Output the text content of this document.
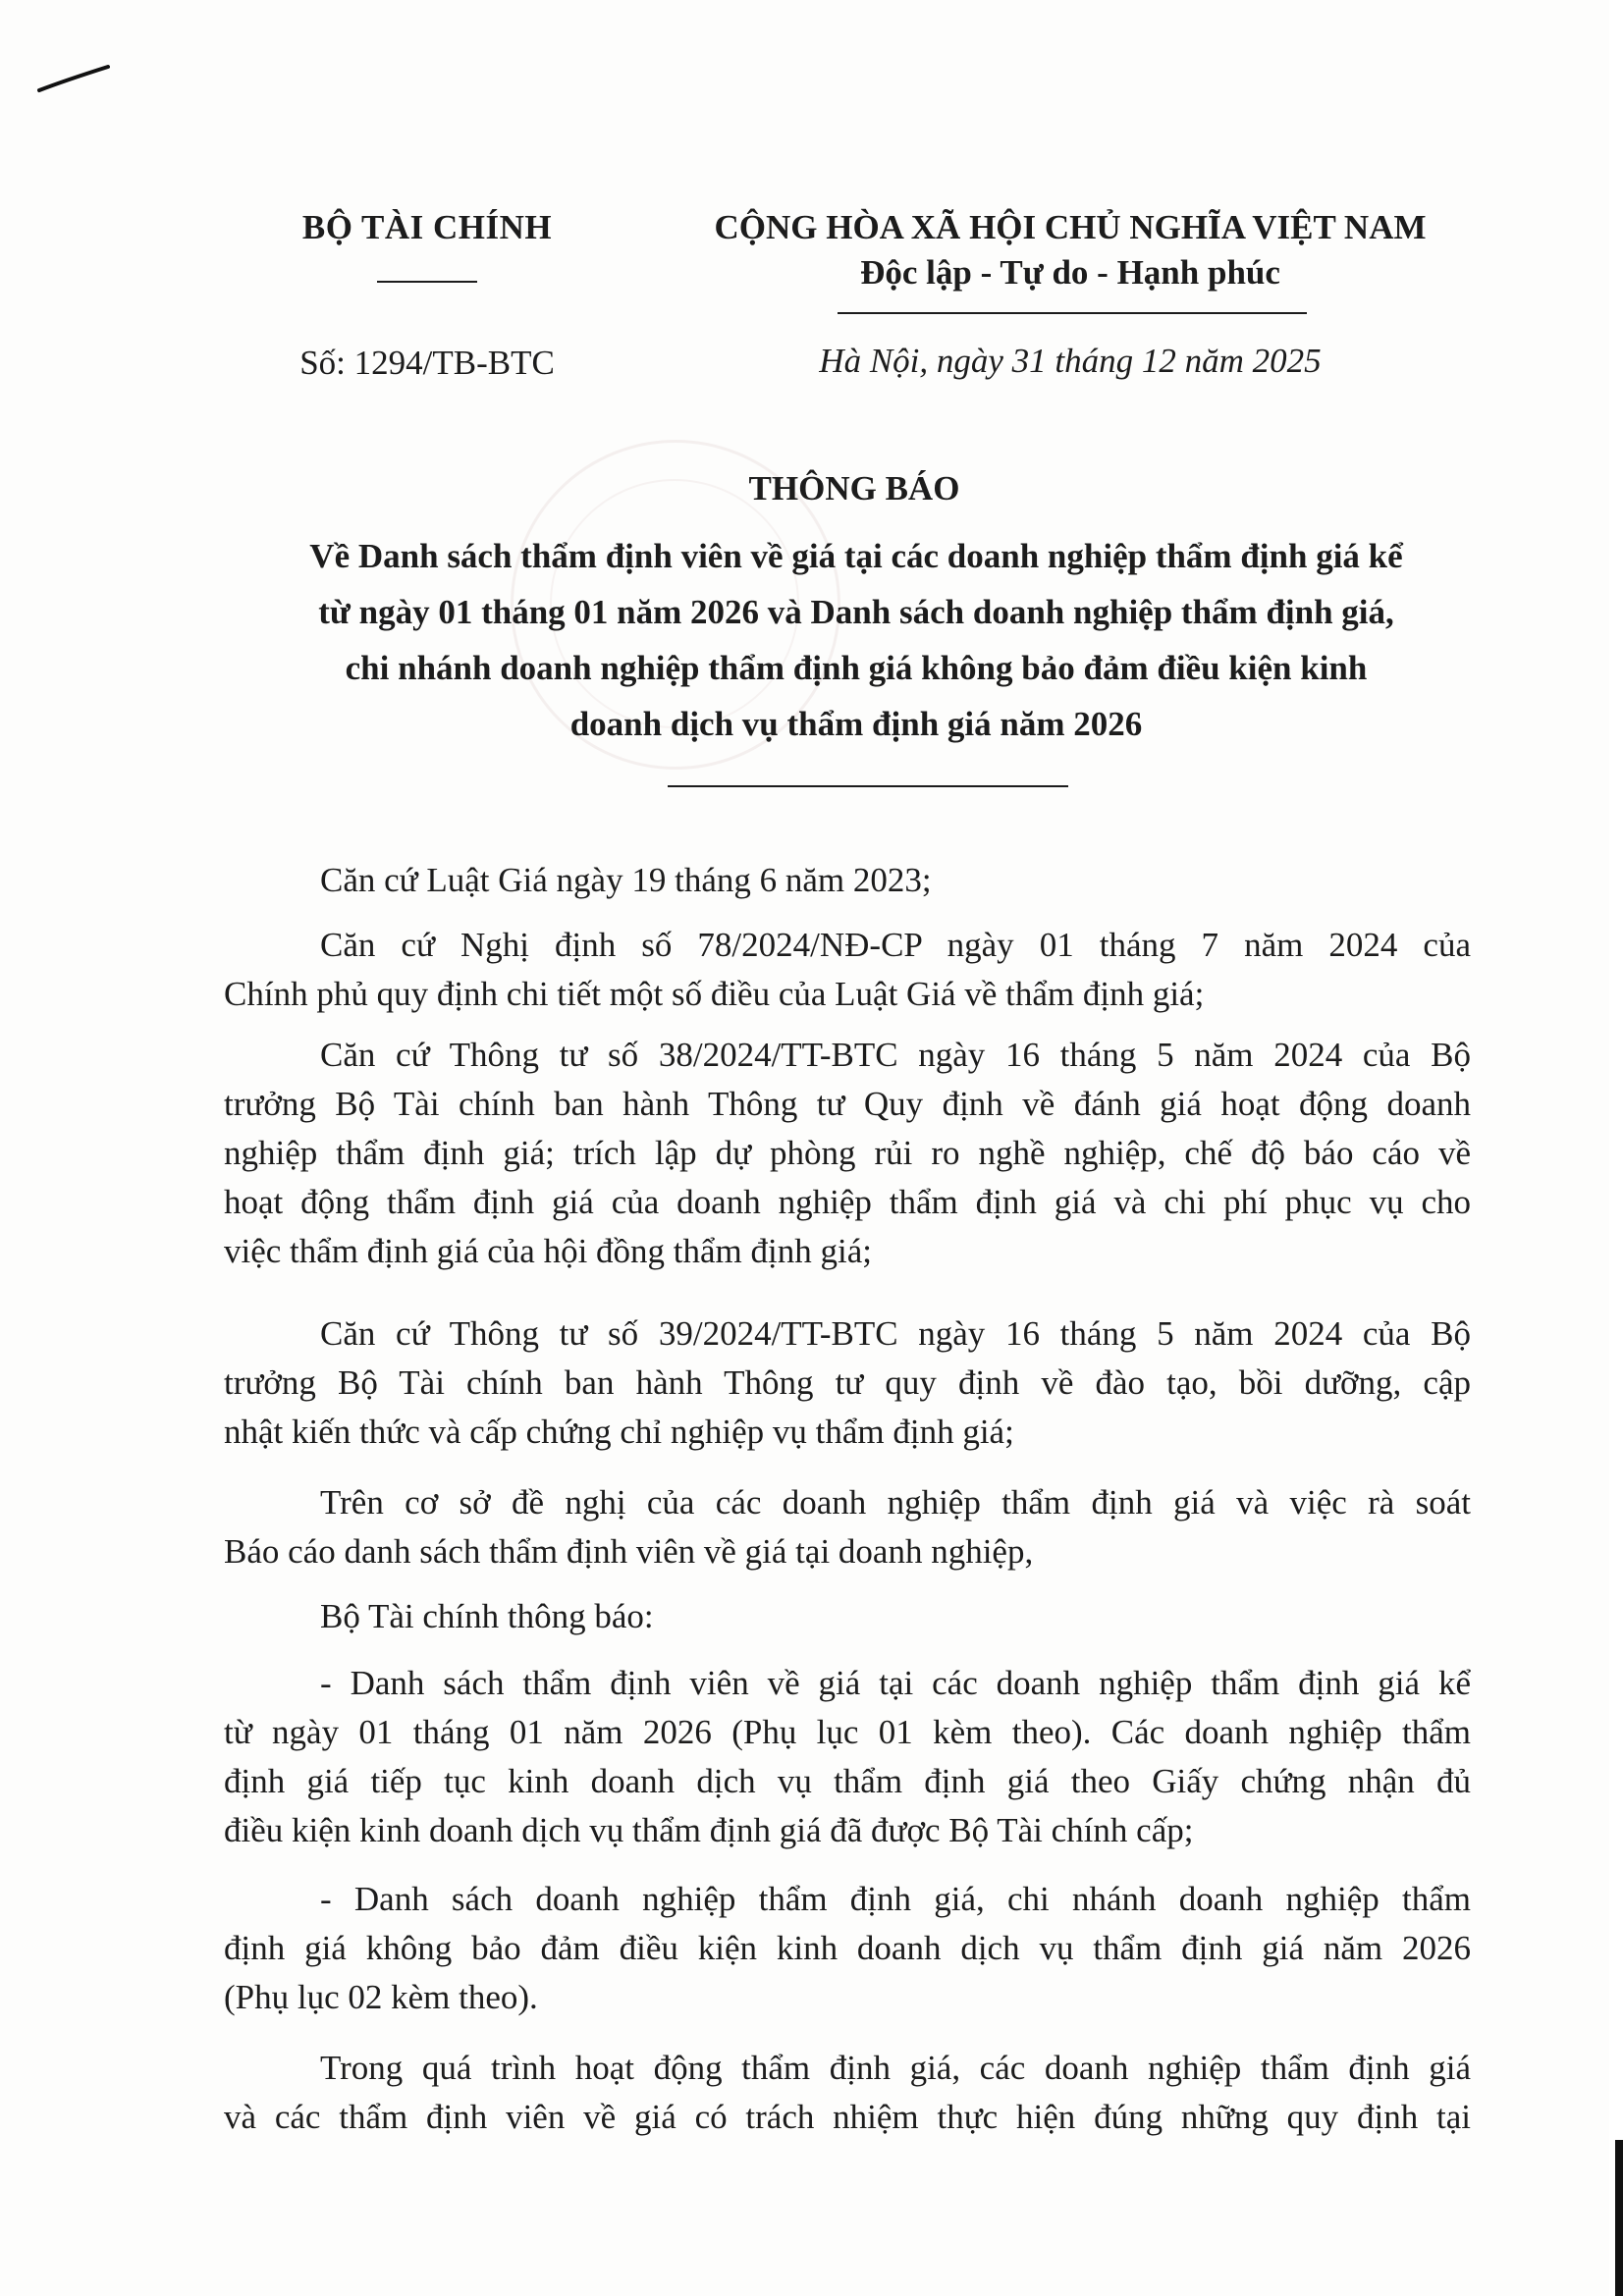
BỘ TÀI CHÍNH	CỘNG HÒA XÃ HỘI CHỦ NGHĨA VIỆT NAM
Độc lập - Tự do - Hạnh phúc
Số: 1294/TB-BTC	Hà Nội, ngày 31 tháng 12 năm 2025
THÔNG BÁO
Về Danh sách thẩm định viên về giá tại các doanh nghiệp thẩm định giá kể
từ ngày 01 tháng 01 năm 2026 và Danh sách doanh nghiệp thẩm định giá,
chi nhánh doanh nghiệp thẩm định giá không bảo đảm điều kiện kinh
doanh dịch vụ thẩm định giá năm 2026
Căn cứ Luật Giá ngày 19 tháng 6 năm 2023;
Căn cứ Nghị định số 78/2024/NĐ-CP ngày 01 tháng 7 năm 2024 của
Chính phủ quy định chi tiết một số điều của Luật Giá về thẩm định giá;
Căn cứ Thông tư số 38/2024/TT-BTC ngày 16 tháng 5 năm 2024 của Bộ
trưởng Bộ Tài chính ban hành Thông tư Quy định về đánh giá hoạt động doanh
nghiệp thẩm định giá; trích lập dự phòng rủi ro nghề nghiệp, chế độ báo cáo về
hoạt động thẩm định giá của doanh nghiệp thẩm định giá và chi phí phục vụ cho
việc thẩm định giá của hội đồng thẩm định giá;
Căn cứ Thông tư số 39/2024/TT-BTC ngày 16 tháng 5 năm 2024 của Bộ
trưởng Bộ Tài chính ban hành Thông tư quy định về đào tạo, bồi dưỡng, cập
nhật kiến thức và cấp chứng chỉ nghiệp vụ thẩm định giá;
Trên cơ sở đề nghị của các doanh nghiệp thẩm định giá và việc rà soát
Báo cáo danh sách thẩm định viên về giá tại doanh nghiệp,
Bộ Tài chính thông báo:
- Danh sách thẩm định viên về giá tại các doanh nghiệp thẩm định giá kể
từ ngày 01 tháng 01 năm 2026 (Phụ lục 01 kèm theo). Các doanh nghiệp thẩm
định giá tiếp tục kinh doanh dịch vụ thẩm định giá theo Giấy chứng nhận đủ
điều kiện kinh doanh dịch vụ thẩm định giá đã được Bộ Tài chính cấp;
- Danh sách doanh nghiệp thẩm định giá, chi nhánh doanh nghiệp thẩm
định giá không bảo đảm điều kiện kinh doanh dịch vụ thẩm định giá năm 2026
(Phụ lục 02 kèm theo).
Trong quá trình hoạt động thẩm định giá, các doanh nghiệp thẩm định giá
và các thẩm định viên về giá có trách nhiệm thực hiện đúng những quy định tại
